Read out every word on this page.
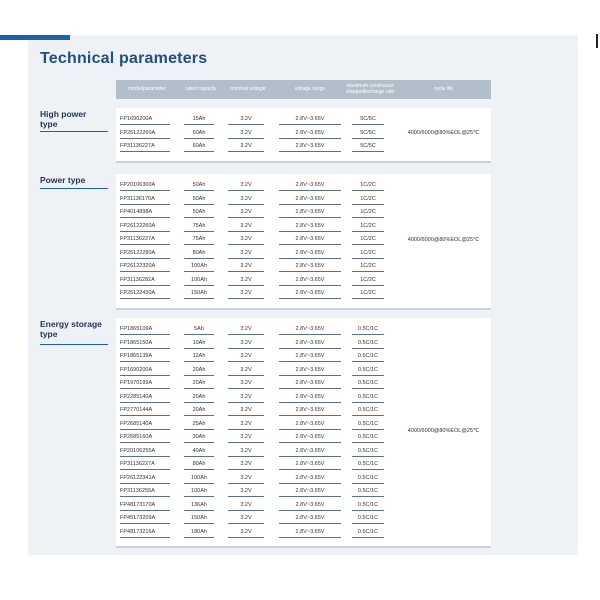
Technical parameters
model/parameter	rated capacity	nominal voltage	voltage range	maximum continuous
charge/discharge rate	cycle life
High power
type	FP1690200A	15Ah	3.2V	2.8V~3.65V	5C/5C
FP26122260A	60Ah	3.2V	2.8V~3.65V	5C/5C
FP31136227A	60Ah	3.2V	2.8V~3.65V	5C/5C
4000/6000@80%EOL@25℃
Power type	FP20106300A	50Ah	3.2V	2.8V~3.65V	1C/2C
FP31136170A	50Ah	3.2V	2.8V~3.65V	1C/2C
FP4014898A	50Ah	3.2V	2.8V~3.65V	1C/2C
FP26122260A	75Ah	3.2V	2.8V~3.65V	1C/2C
FP31136227A	75Ah	3.2V	2.8V~3.65V	1C/2C
FP26122280A	80Ah	3.2V	2.8V~3.65V	1C/2C
FP26122320A	100Ah	3.2V	2.8V~3.65V	1C/2C
FP31136282A	100Ah	3.2V	2.8V~3.65V	1C/2C
FP26122430A	150Ah	3.2V	2.8V~3.65V	1C/2C
4000/6000@80%EOL@25℃
Energy storage
type	FP1865109A	5Ah	3.2V	2.8V~3.65V	0.5C/1C
FP1865150A	10Ah	3.2V	2.8V~3.65V	0.5C/1C
FP1865139A	12Ah	3.2V	2.8V~3.65V	0.5C/1C
FP1690200A	20Ah	3.2V	2.8V~3.65V	0.5C/1C
FP1970199A	20Ah	3.2V	2.8V~3.65V	0.5C/1C
FP2285140A	20Ah	3.2V	2.8V~3.65V	0.5C/1C
FP2770144A	20Ah	3.2V	2.8V~3.65V	0.5C/1C
FP2685140A	25Ah	3.2V	2.8V~3.65V	0.5C/1C
FP2685160A	30Ah	3.2V	2.8V~3.65V	0.5C/1C
FP20106255A	40Ah	3.2V	2.8V~3.65V	0.5C/1C
FP31136227A	80Ah	3.2V	2.8V~3.65V	0.5C/1C
FP26122341A	100Ah	3.2V	2.8V~3.65V	0.5C/1C
FP31136255A	100Ah	3.2V	2.8V~3.65V	0.5C/1C
FP48173170A	136Ah	3.2V	2.8V~3.65V	0.5C/1C
FP45173209A	150Ah	3.2V	2.8V~3.65V	0.5C/1C
FP48173216A	180Ah	3.2V	2.8V~3.65V	0.5C/1C
4000/6000@80%EOL@25℃
